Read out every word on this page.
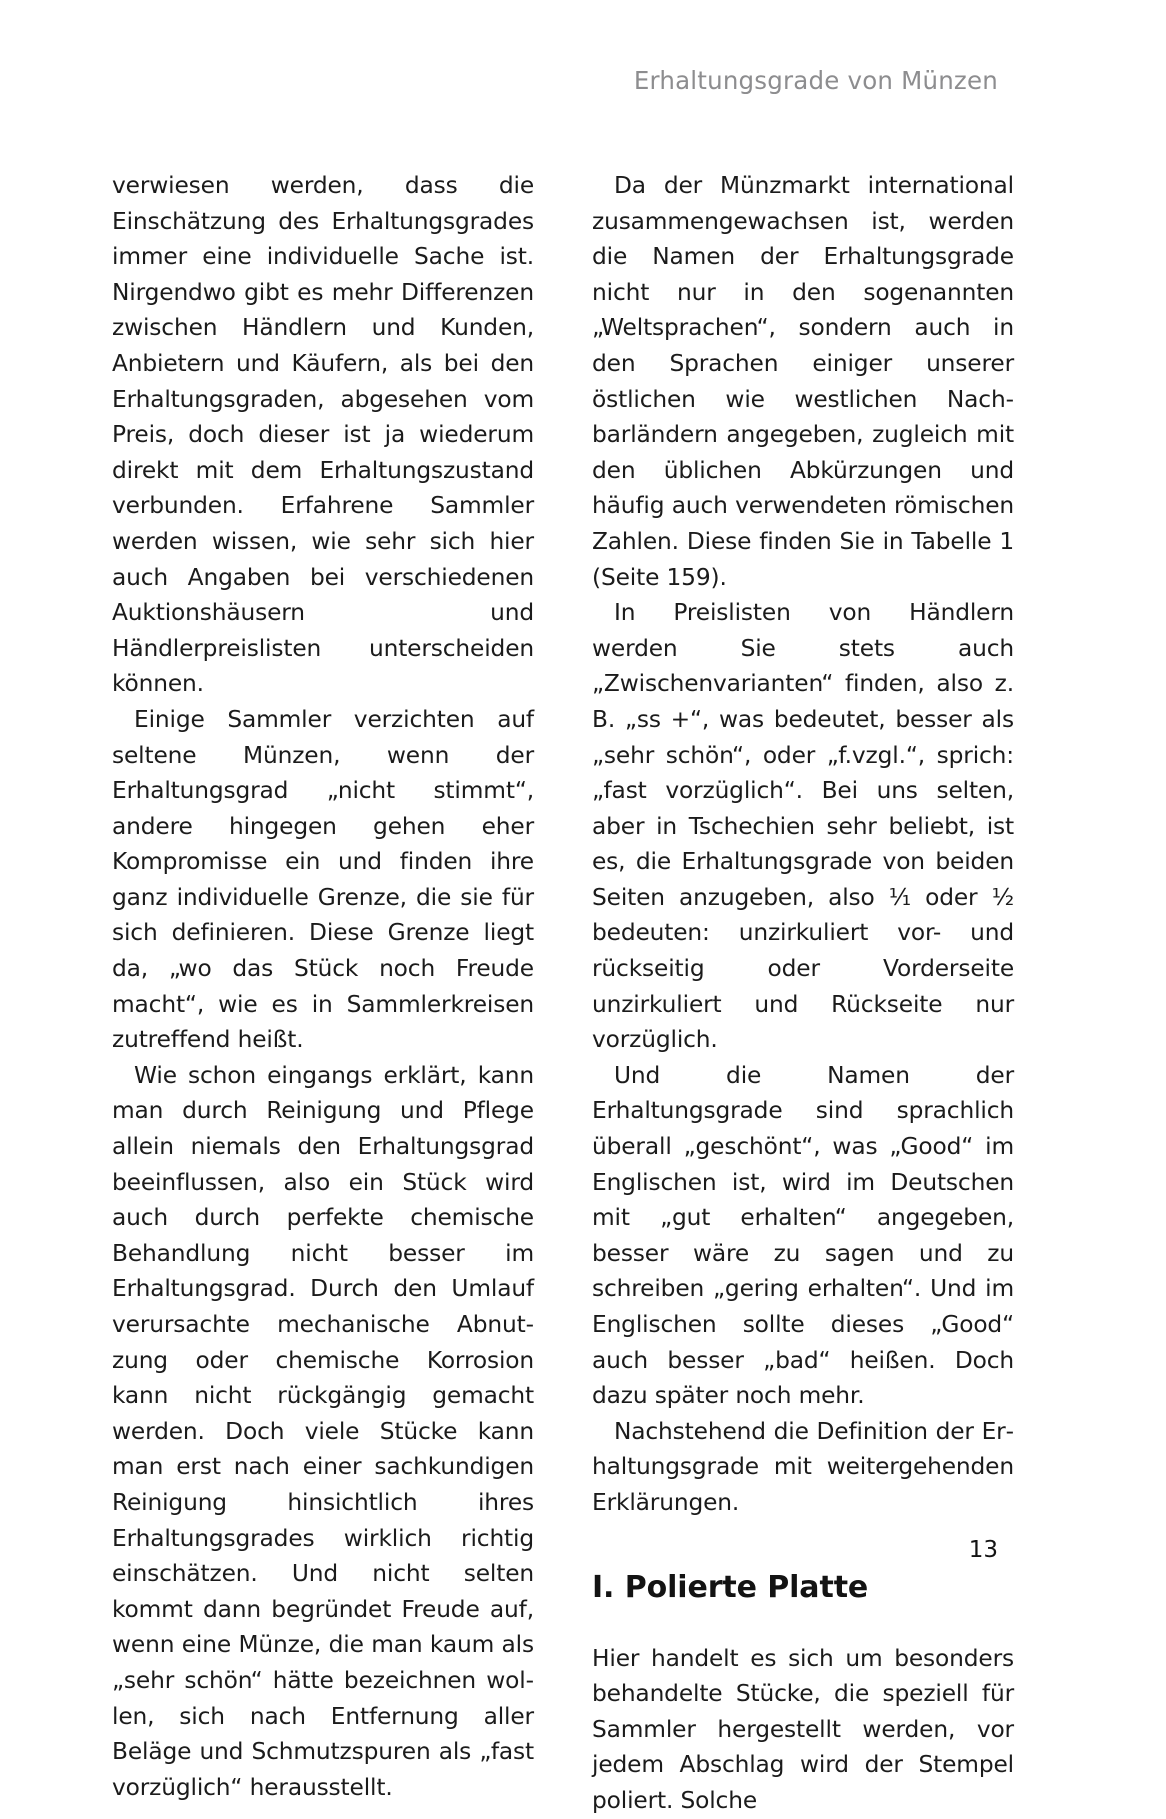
Erhaltungsgrade von Münzen

verwiesen werden, dass die Einschätzung des Erhaltungsgrades immer eine individuelle Sache ist. Nirgendwo gibt es mehr Differenzen zwischen Händlern und Kunden, Anbietern und Käufern, als bei den Erhaltungsgraden, abgesehen vom Preis, doch dieser ist ja wiederum direkt mit dem Erhaltungszustand verbunden. Erfahrene Sammler werden wissen, wie sehr sich hier auch Angaben bei verschiedenen Auktionshäusern und Händlerpreislisten unterscheiden können.

Einige Sammler verzichten auf seltene Münzen, wenn der Erhaltungsgrad „nicht stimmt“, andere hingegen gehen eher Kompromisse ein und finden ihre ganz individuelle Grenze, die sie für sich definieren. Diese Grenze liegt da, „wo das Stück noch Freude macht“, wie es in Sammlerkreisen zutreffend heißt.

Wie schon eingangs erklärt, kann man durch Reinigung und Pflege allein niemals den Erhaltungsgrad beeinflussen, also ein Stück wird auch durch perfekte chemische Behandlung nicht besser im Erhaltungsgrad. Durch den Umlauf verursachte mechanische Abnutzung oder chemische Korrosion kann nicht rückgängig gemacht werden. Doch viele Stücke kann man erst nach einer sachkundigen Reinigung hinsichtlich ihres Erhaltungsgrades wirklich richtig einschätzen. Und nicht selten kommt dann begründet Freude auf, wenn eine Münze, die man kaum als „sehr schön“ hätte bezeichnen wollen, sich nach Entfernung aller Beläge und Schmutzspuren als „fast vorzüglich“ herausstellt.

Da der Münzmarkt international zusammengewachsen ist, werden die Namen der Erhaltungsgrade nicht nur in den sogenannten „Weltsprachen“, sondern auch in den Sprachen einiger unserer östlichen wie westlichen Nachbarländern angegeben, zugleich mit den üblichen Abkürzungen und häufig auch verwendeten römischen Zahlen. Diese finden Sie in Tabelle 1 (Seite 159).

In Preislisten von Händlern werden Sie stets auch „Zwischenvarianten“ finden, also z. B. „ss +“, was bedeutet, besser als „sehr schön“, oder „f.vzgl.“, sprich: „fast vorzüglich“. Bei uns selten, aber in Tschechien sehr beliebt, ist es, die Erhaltungsgrade von beiden Seiten anzugeben, also ⅟₁ oder ½ bedeuten: unzirkuliert vor- und rückseitig oder Vorderseite unzirkuliert und Rückseite nur vorzüglich.

Und die Namen der Erhaltungsgrade sind sprachlich überall „geschönt“, was „Good“ im Englischen ist, wird im Deutschen mit „gut erhalten“ angegeben, besser wäre zu sagen und zu schreiben „gering erhalten“. Und im Englischen sollte dieses „Good“ auch besser „bad“ heißen. Doch dazu später noch mehr.

Nachstehend die Definition der Erhaltungsgrade mit weitergehenden Erklärungen.

I. Polierte Platte

Hier handelt es sich um besonders behandelte Stücke, die speziell für Sammler hergestellt werden, vor jedem Abschlag wird der Stempel poliert. Solche

13
